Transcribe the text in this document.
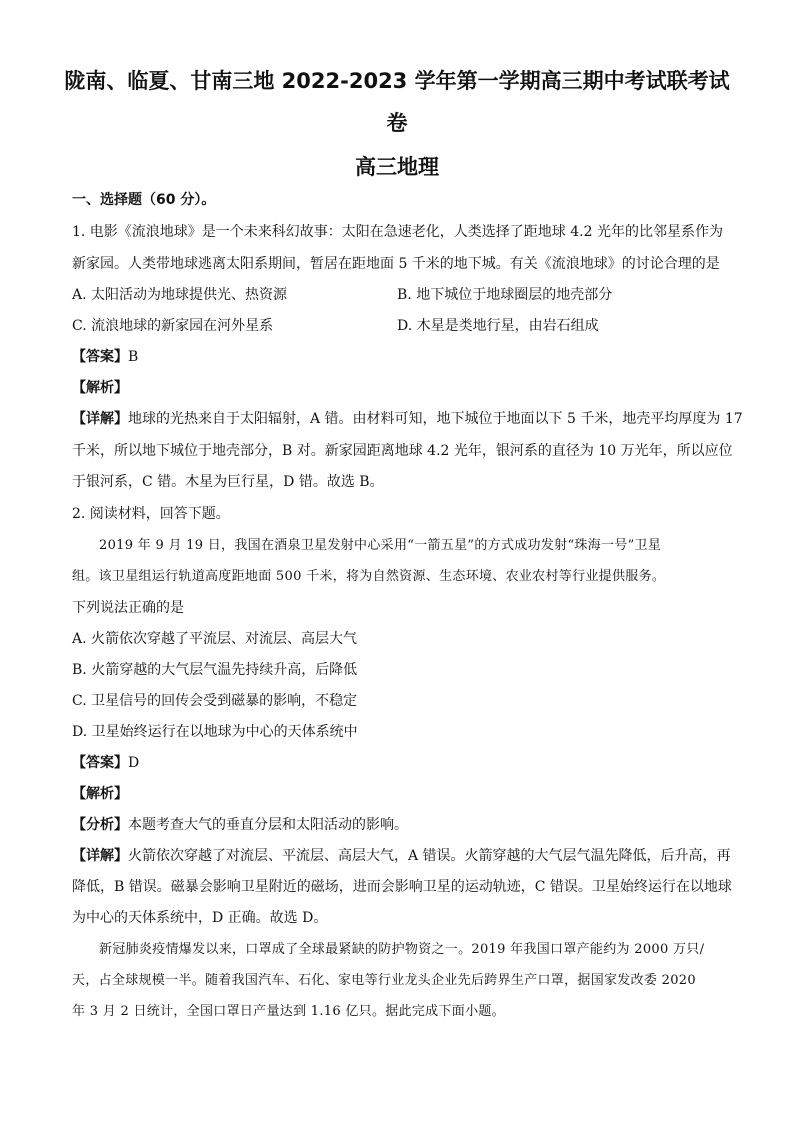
陇南、临夏、甘南三地 2022-2023 学年第一学期高三期中考试联考试
卷
高三地理
一、选择题（60 分）。
1. 电影《流浪地球》是一个未来科幻故事：太阳在急速老化，人类选择了距地球 4.2 光年的比邻星系作为
新家园。人类带地球逃离太阳系期间，暂居在距地面 5 千米的地下城。有关《流浪地球》的讨论合理的是
A. 太阳活动为地球提供光、热资源	B. 地下城位于地球圈层的地壳部分
C. 流浪地球的新家园在河外星系	D. 木星是类地行星，由岩石组成
【答案】B
【解析】
【详解】地球的光热来自于太阳辐射，A 错。由材料可知，地下城位于地面以下 5 千米，地壳平均厚度为 17
千米，所以地下城位于地壳部分，B 对。新家园距离地球 4.2 光年，银河系的直径为 10 万光年，所以应位
于银河系，C 错。木星为巨行星，D 错。故选 B。
2. 阅读材料，回答下题。
2019 年 9 月 19 日，我国在酒泉卫星发射中心采用“一箭五星”的方式成功发射“珠海一号”卫星
组。该卫星组运行轨道高度距地面 500 千米，将为自然资源、生态环境、农业农村等行业提供服务。
下列说法正确的是
A. 火箭依次穿越了平流层、对流层、高层大气
B. 火箭穿越的大气层气温先持续升高，后降低
C. 卫星信号的回传会受到磁暴的影响，不稳定
D. 卫星始终运行在以地球为中心的天体系统中
【答案】D
【解析】
【分析】本题考查大气的垂直分层和太阳活动的影响。
【详解】火箭依次穿越了对流层、平流层、高层大气，A 错误。火箭穿越的大气层气温先降低，后升高，再
降低，B 错误。磁暴会影响卫星附近的磁场，进而会影响卫星的运动轨迹，C 错误。卫星始终运行在以地球
为中心的天体系统中，D 正确。故选 D。
新冠肺炎疫情爆发以来，口罩成了全球最紧缺的防护物资之一。2019 年我国口罩产能约为 2000 万只/
天，占全球规模一半。随着我国汽车、石化、家电等行业龙头企业先后跨界生产口罩，据国家发改委 2020
年 3 月 2 日统计，全国口罩日产量达到 1.16 亿只。据此完成下面小题。
